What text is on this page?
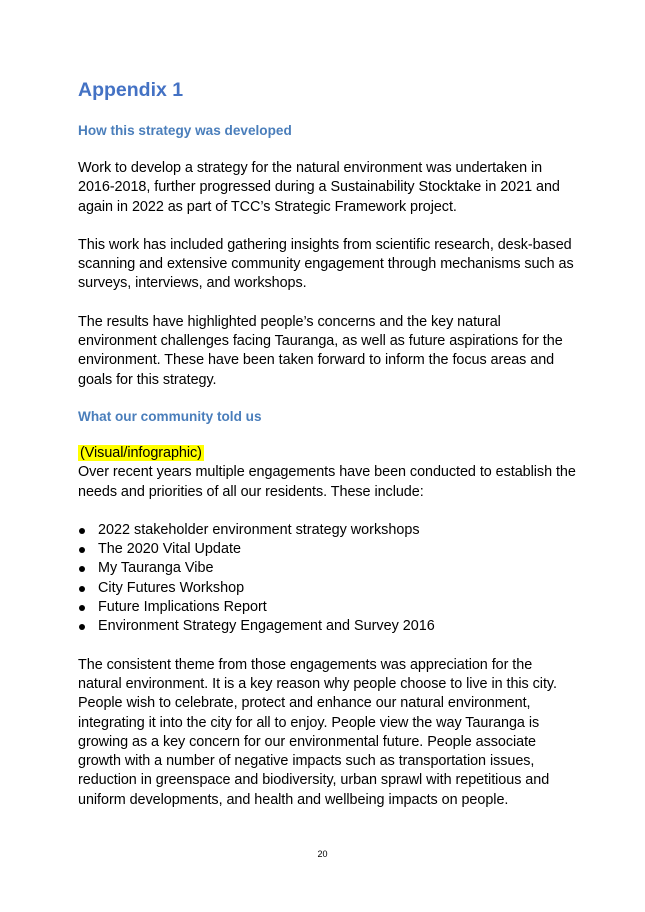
Appendix 1
How this strategy was developed

Work to develop a strategy for the natural environment was undertaken in 2016-2018, further progressed during a Sustainability Stocktake in 2021 and again in 2022 as part of TCC’s Strategic Framework project.

This work has included gathering insights from scientific research, desk-based scanning and extensive community engagement through mechanisms such as surveys, interviews, and workshops.

The results have highlighted people’s concerns and the key natural environment challenges facing Tauranga, as well as future aspirations for the environment. These have been taken forward to inform the focus areas and goals for this strategy.

What our community told us

(Visual/infographic)

Over recent years multiple engagements have been conducted to establish the needs and priorities of all our residents. These include:

2022 stakeholder environment strategy workshops
The 2020 Vital Update
My Tauranga Vibe
City Futures Workshop
Future Implications Report
Environment Strategy Engagement and Survey 2016

The consistent theme from those engagements was appreciation for the natural environment. It is a key reason why people choose to live in this city. People wish to celebrate, protect and enhance our natural environment, integrating it into the city for all to enjoy. People view the way Tauranga is growing as a key concern for our environmental future. People associate growth with a number of negative impacts such as transportation issues, reduction in greenspace and biodiversity, urban sprawl with repetitious and uniform developments, and health and wellbeing impacts on people.

20
